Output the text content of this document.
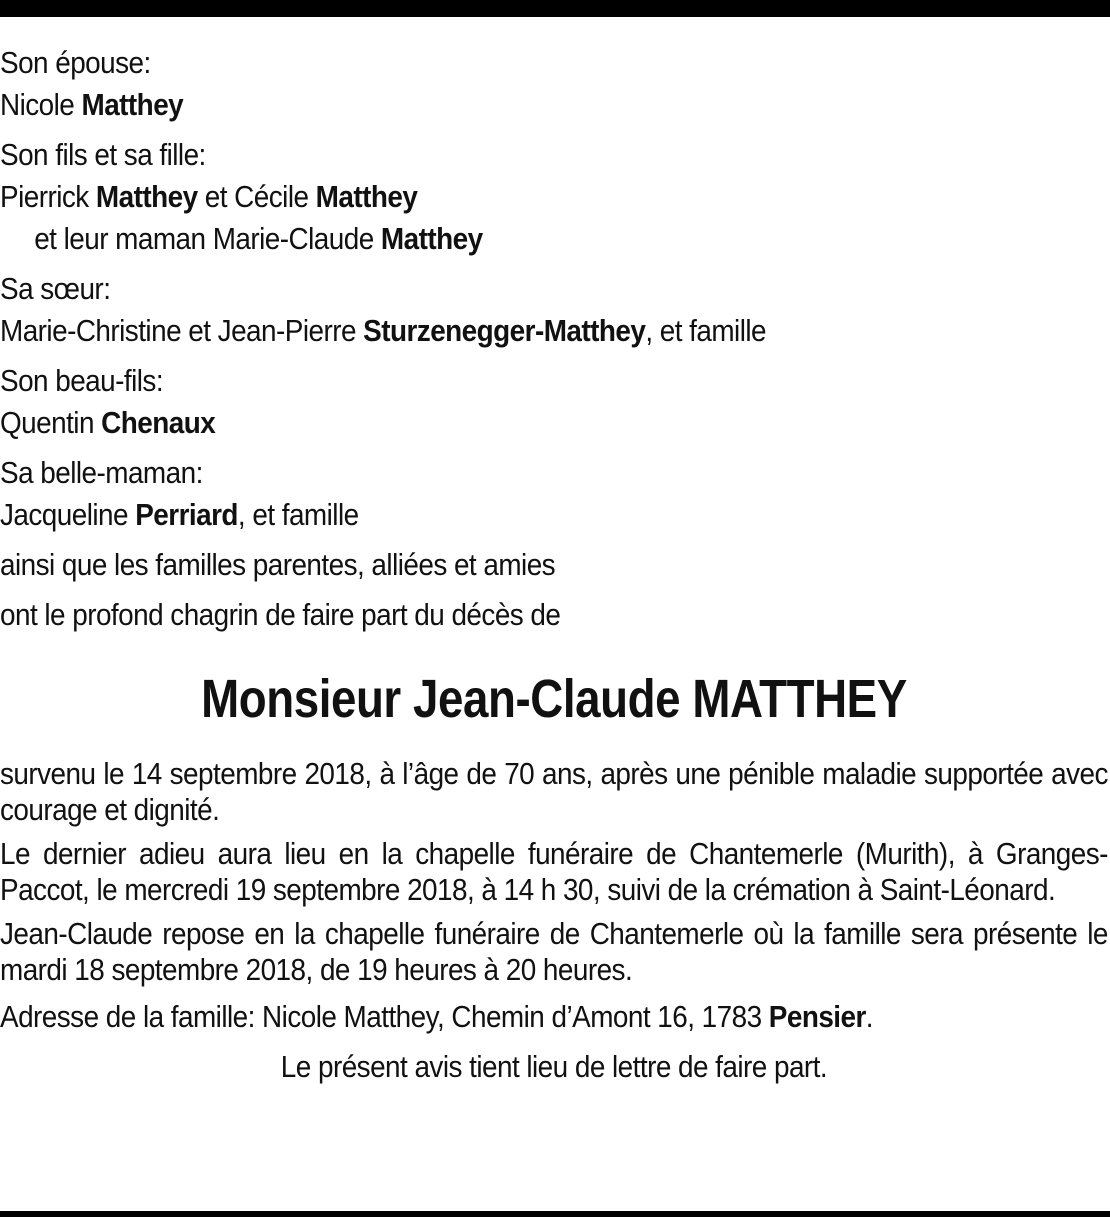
Son épouse:

Nicole Matthey

Son fils et sa fille:

Pierrick Matthey et Cécile Matthey

et leur maman Marie-Claude Matthey

Sa sœur:

Marie-Christine et Jean-Pierre Sturzenegger-Matthey, et famille

Son beau-fils:

Quentin Chenaux

Sa belle-maman:

Jacqueline Perriard, et famille

ainsi que les familles parentes, alliées et amies

ont le profond chagrin de faire part du décès de

Monsieur Jean-Claude MATTHEY

survenu le 14 septembre 2018, à l’âge de 70 ans, après une pénible maladie supportée avec courage et dignité.

Le dernier adieu aura lieu en la chapelle funéraire de Chantemerle (Murith), à Granges-Paccot, le mercredi 19 septembre 2018, à 14 h 30, suivi de la crémation à Saint-Léonard.

Jean-Claude repose en la chapelle funéraire de Chantemerle où la famille sera présente le mardi 18 septembre 2018, de 19 heures à 20 heures.

Adresse de la famille: Nicole Matthey, Chemin d’Amont 16, 1783 Pensier.

Le présent avis tient lieu de lettre de faire part.
